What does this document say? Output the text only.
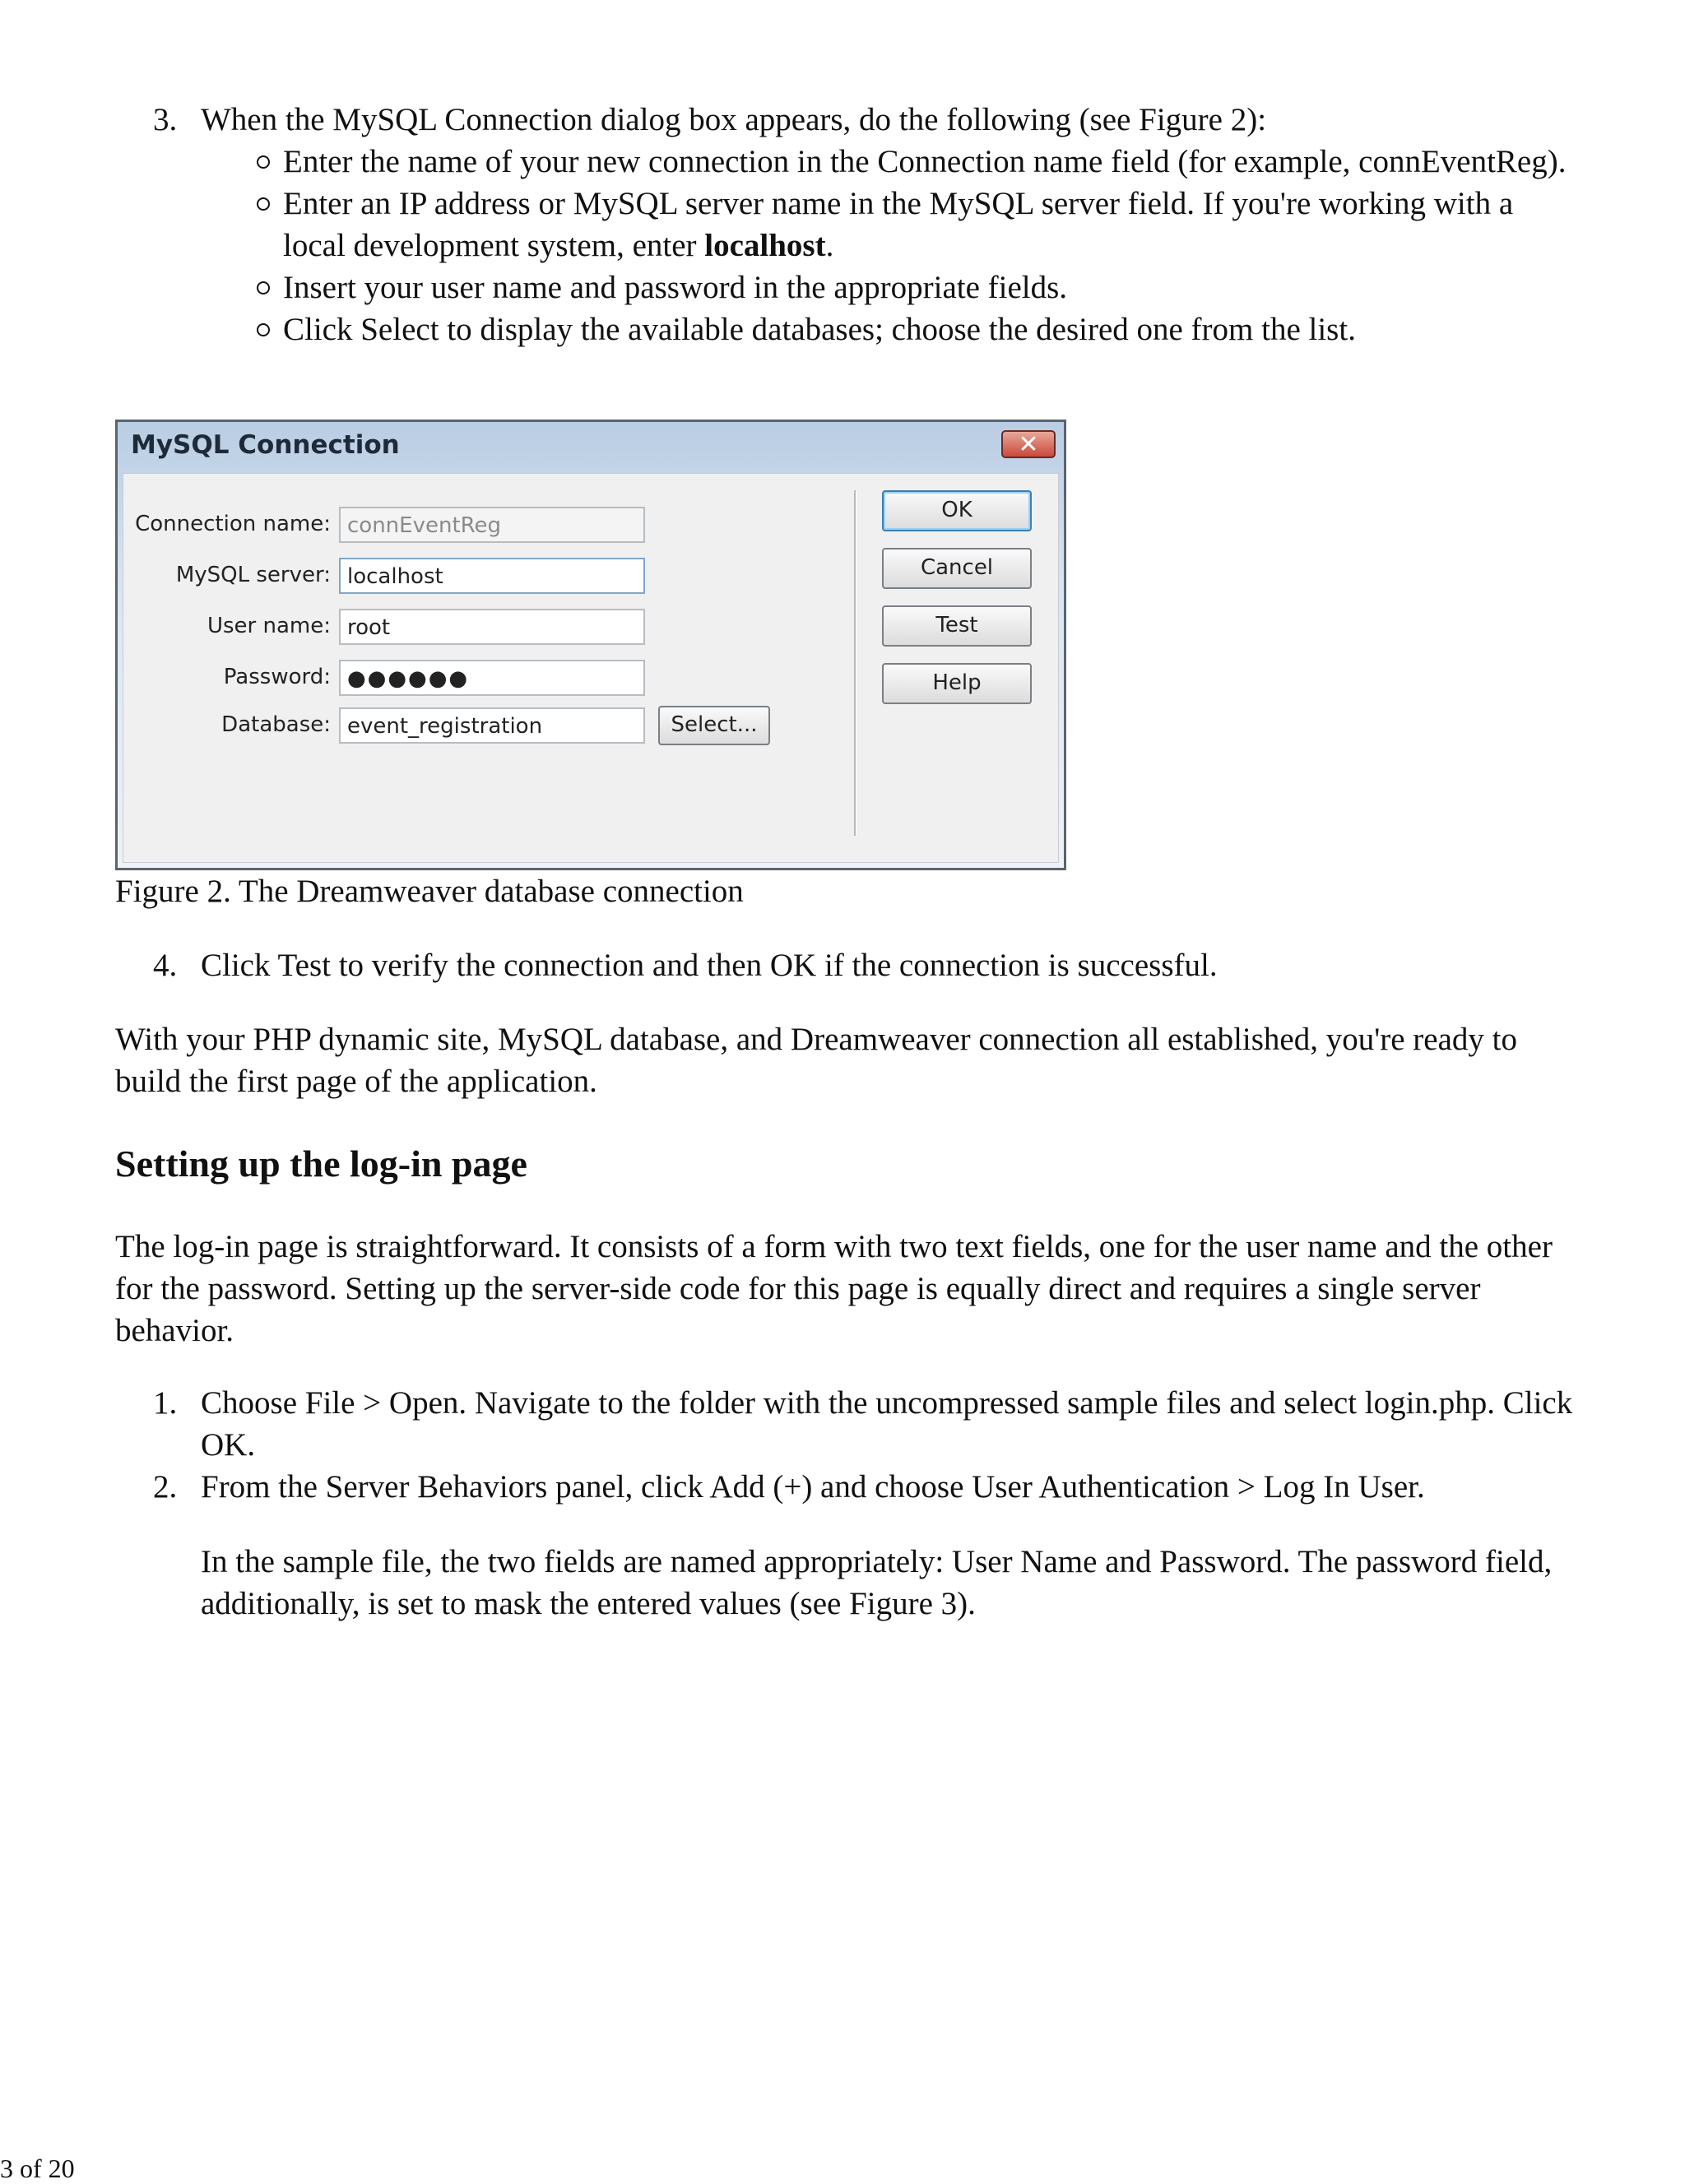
3. When the MySQL Connection dialog box appears, do the following (see Figure 2):
Enter the name of your new connection in the Connection name field (for example, connEventReg).
Enter an IP address or MySQL server name in the MySQL server field. If you're working with a local development system, enter localhost.
Insert your user name and password in the appropriate fields.
Click Select to display the available databases; choose the desired one from the list.
MySQL Connection	✕
Connection name: connEventReg
MySQL server: localhost
User name: root
Password: ●●●●●●
Database: event_registration	Select...
OK
Cancel
Test
Help
Figure 2. The Dreamweaver database connection
4. Click Test to verify the connection and then OK if the connection is successful.

With your PHP dynamic site, MySQL database, and Dreamweaver connection all established, you're ready to build the first page of the application.

Setting up the log-in page

The log-in page is straightforward. It consists of a form with two text fields, one for the user name and the other for the password. Setting up the server-side code for this page is equally direct and requires a single server behavior.

1. Choose File > Open. Navigate to the folder with the uncompressed sample files and select login.php. Click OK.
2. From the Server Behaviors panel, click Add (+) and choose User Authentication > Log In User.

In the sample file, the two fields are named appropriately: User Name and Password. The password field, additionally, is set to mask the entered values (see Figure 3).

3 of 20
